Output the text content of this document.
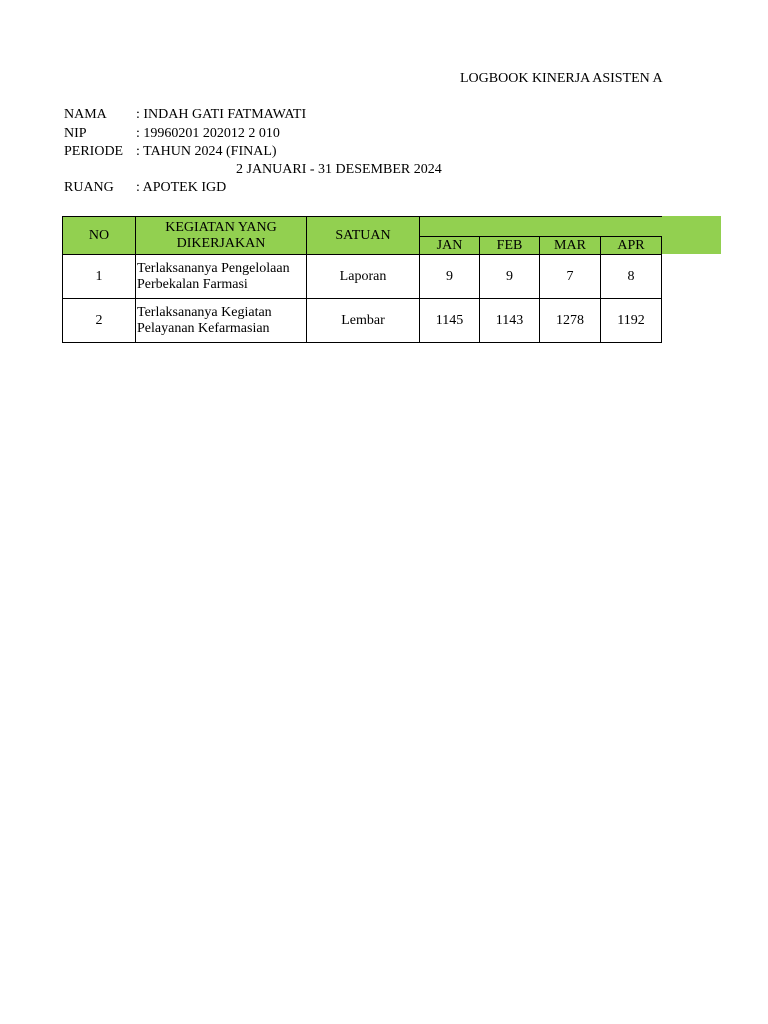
LOGBOOK KINERJA ASISTEN A
NAMA : INDAH GATI FATMAWATI
NIP	: 19960201 202012 2 010
PERIODE : TAHUN 2024 (FINAL)
2 JANUARI - 31 DESEMBER 2024
RUANG : APOTEK IGD
NO	KEGIATAN YANG
DIKERJAKAN	SATUAN				
			JAN	FEB	MAR	APR
1	Terlaksananya Pengelolaan
Perbekalan Farmasi	Laporan	9	9	7	8
2	Terlaksananya Kegiatan
Pelayanan Kefarmasian	Lembar	1145	1143	1278	1192
